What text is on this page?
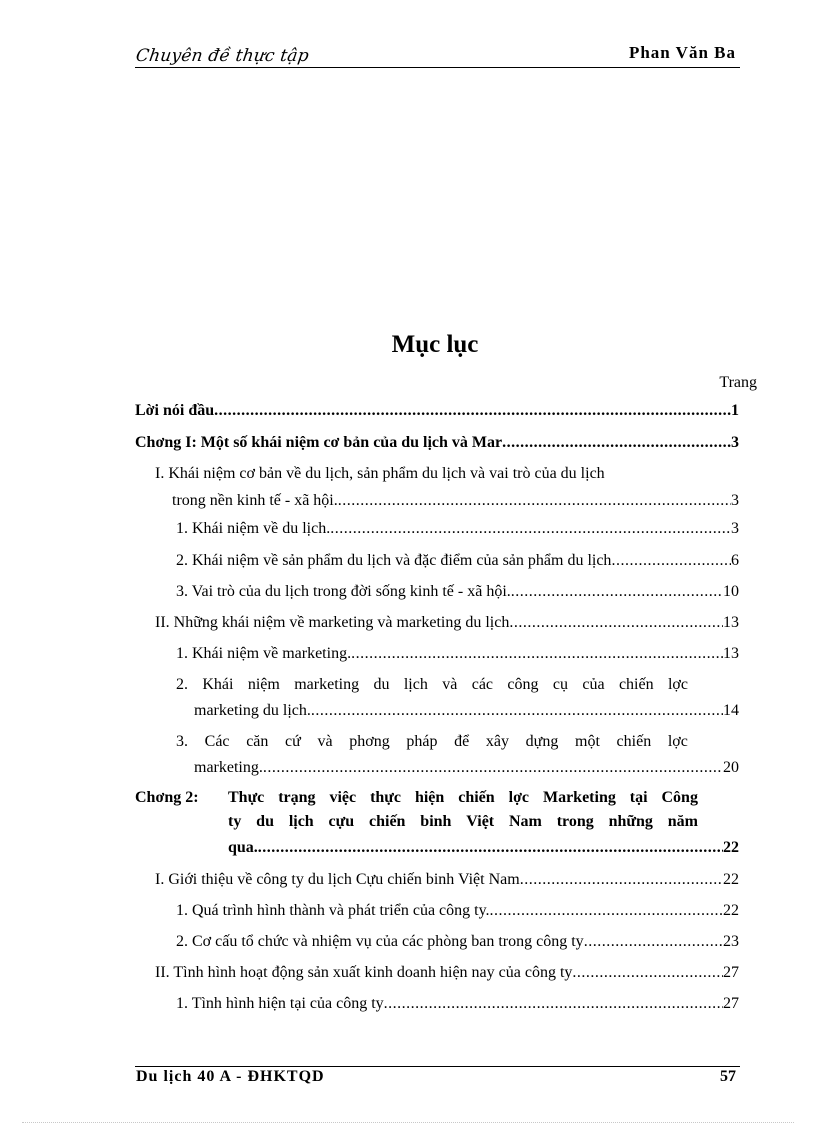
Chuyên đề thực tập	Phan Văn Ba
Mục lục
Trang
Lời nói đầu .....	1
Chơng I: Một số khái niệm cơ bản của du lịch và Mar .....	3
I. Khái niệm cơ bản về du lịch, sản phẩm du lịch và vai trò của du lịch
trong nền kinh tế - xã hội. .....	3
1. Khái niệm về du lịch. .....	3
2. Khái niệm về sản phẩm du lịch và đặc điểm của sản phẩm du lịch .....	6
3. Vai trò của du lịch trong đời sống kinh tế - xã hội. .....	10
II. Những khái niệm về marketing và marketing du lịch .....	13
1. Khái niệm về marketing. .....	13
2. Khái niệm marketing du lịch và các công cụ của chiến lợc
marketing du lịch. .....	14
3. Các căn cứ và phơng pháp để xây dựng một chiến lợc
marketing. .....	20
Chơng 2: Thực trạng việc thực hiện chiến lợc Marketing tại Công
ty du lịch cựu chiến binh Việt Nam trong những năm
qua. .....	22
I. Giới thiệu về công ty du lịch Cựu chiến binh Việt Nam .....	22
1. Quá trình hình thành và phát triển của công ty. .....	22
2. Cơ cấu tổ chức và nhiệm vụ của các phòng ban trong công ty .....	23
II. Tình hình hoạt động sản xuất kinh doanh hiện nay của công ty .....	27
1. Tình hình hiện tại của công ty .....	27
Du lịch 40 A - ĐHKTQD	57
